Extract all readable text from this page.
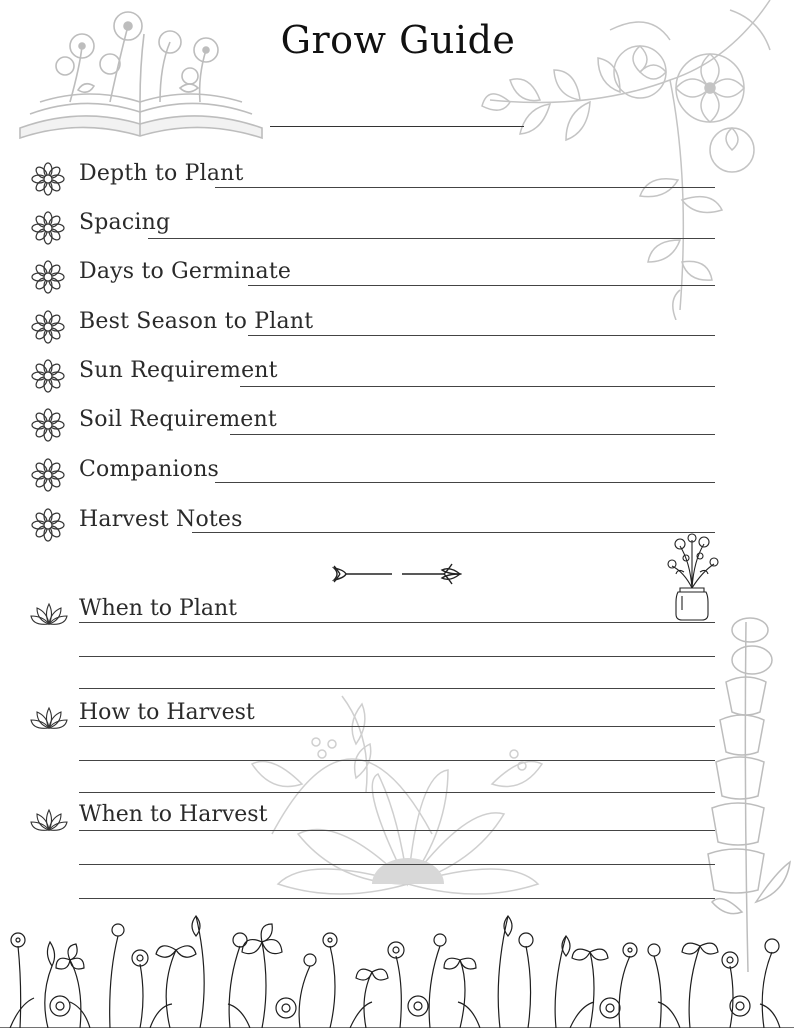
Grow Guide
Depth to Plant
Spacing
Days to Germinate
Best Season to Plant
Sun Requirement
Soil Requirement
Companions
Harvest Notes
When to Plant
How to Harvest
When to Harvest
